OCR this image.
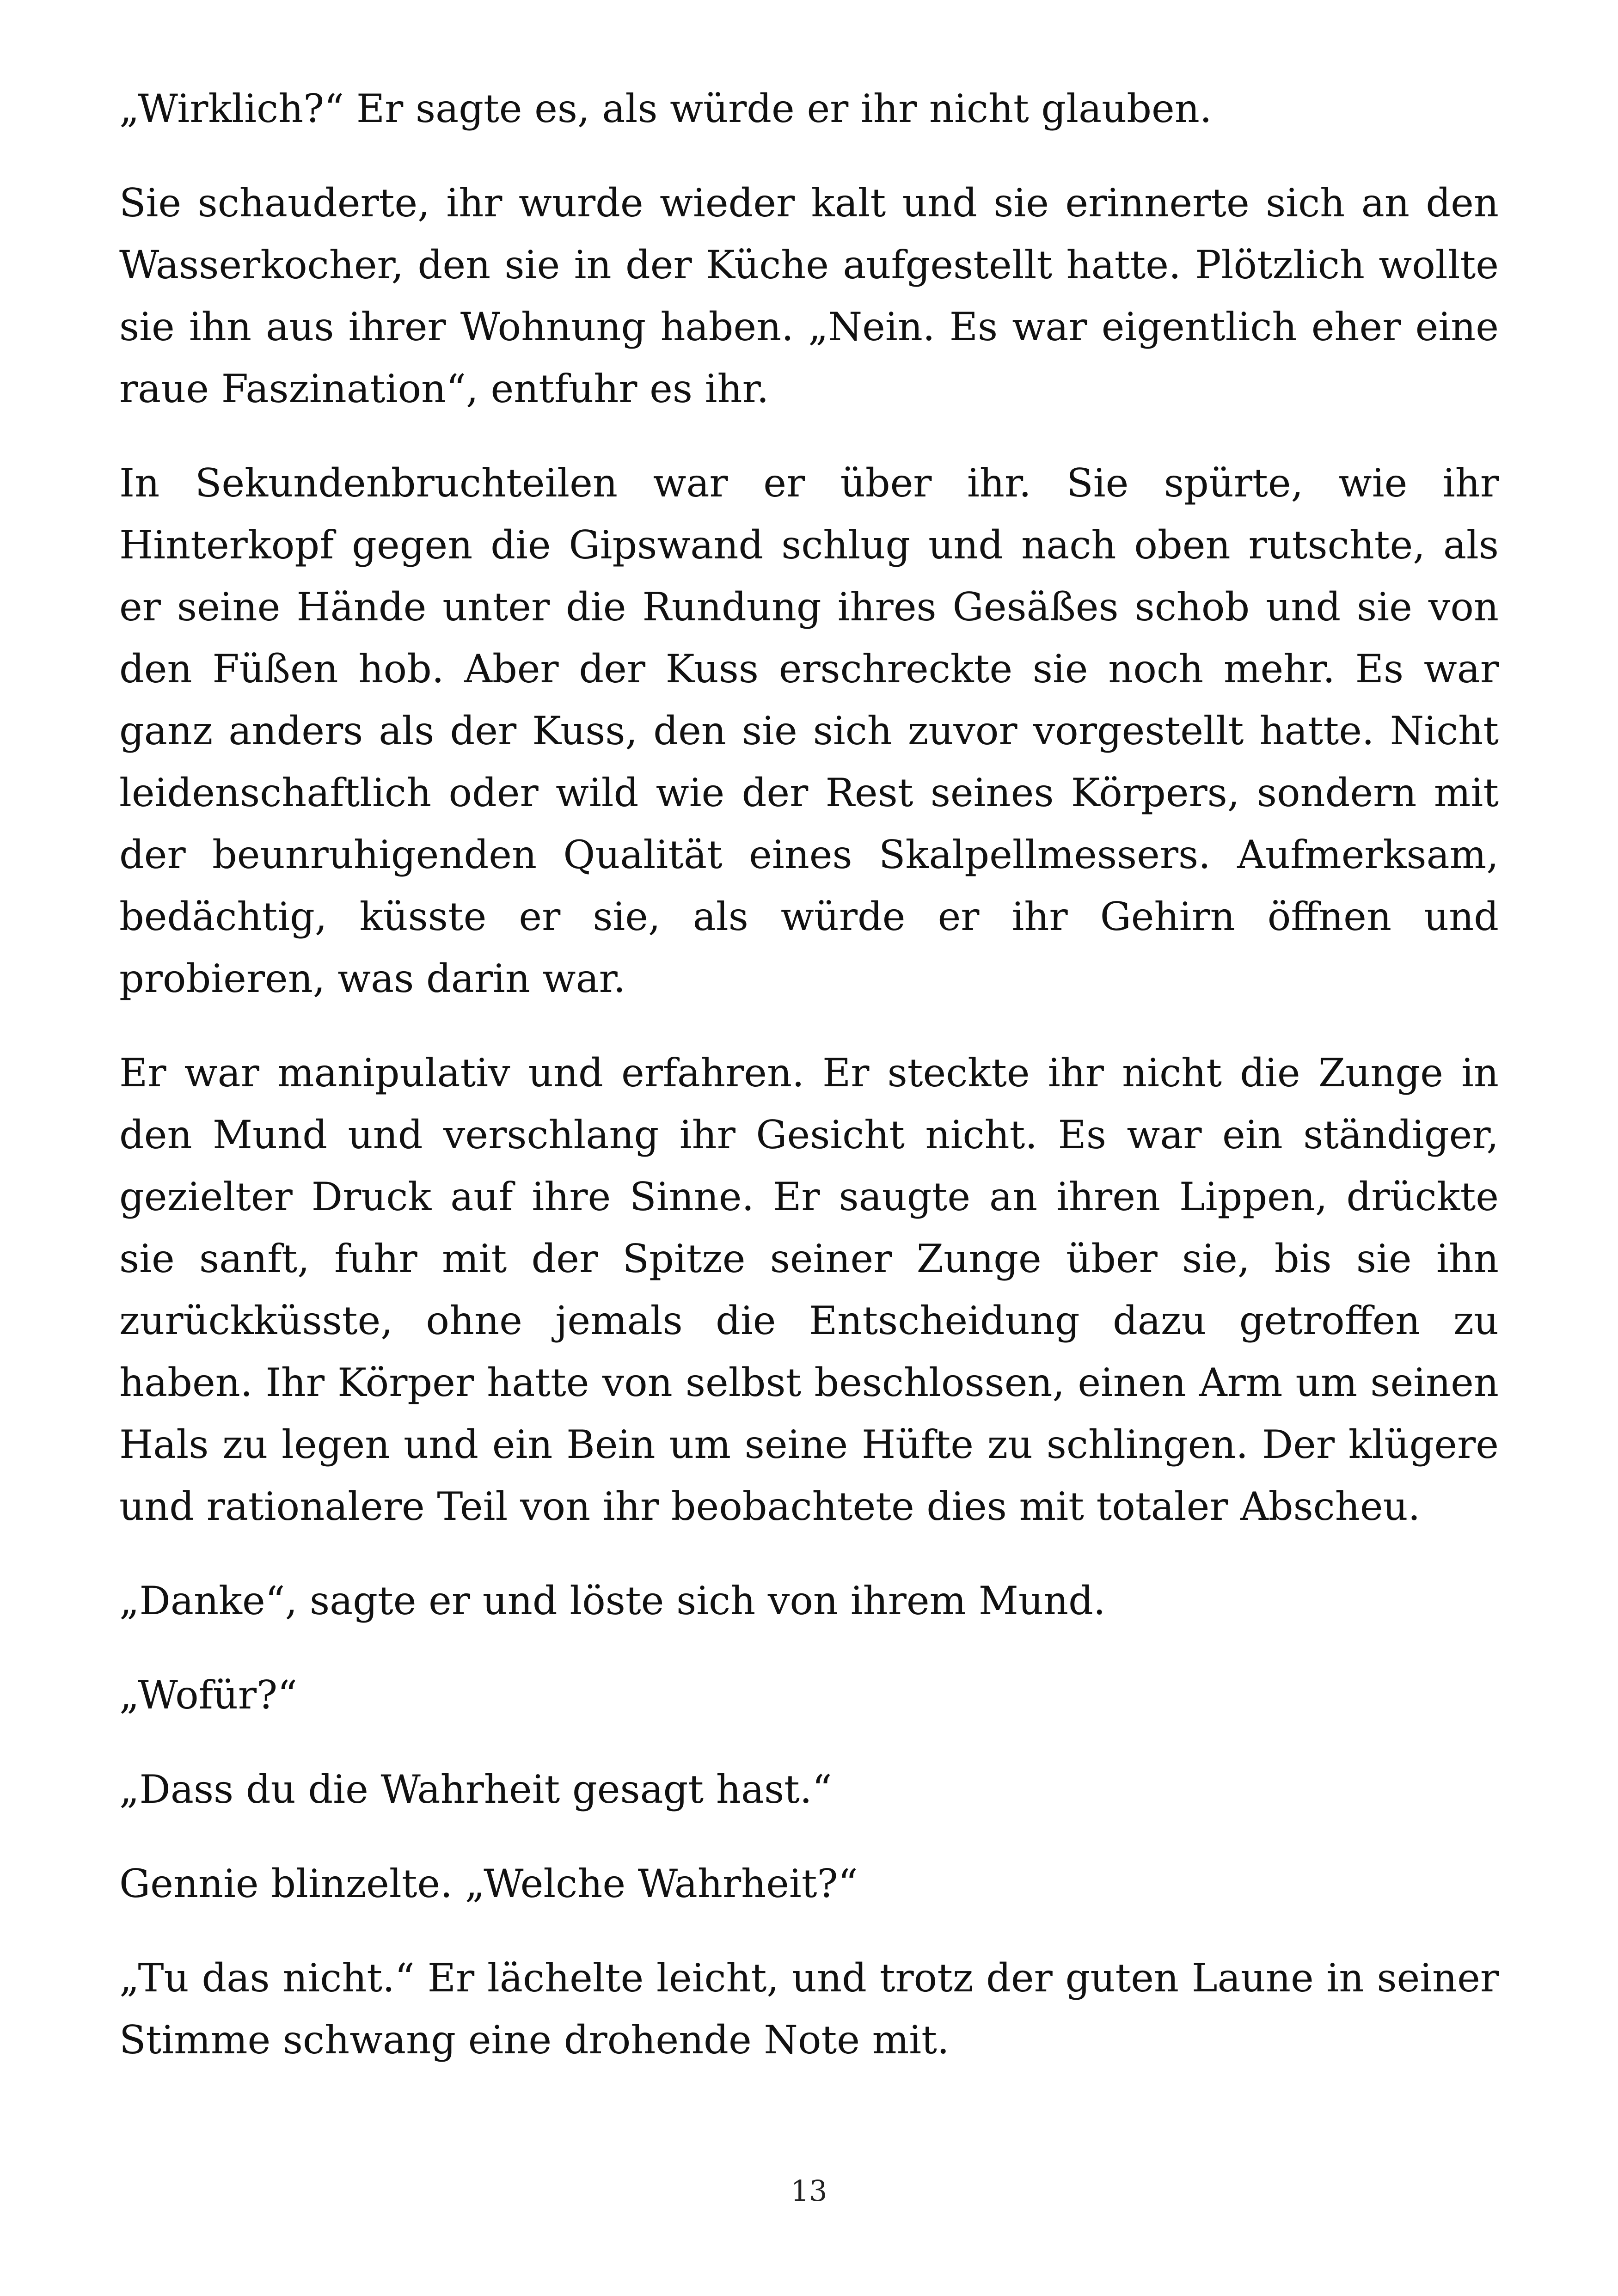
„Wirklich?“ Er sagte es, als würde er ihr nicht glauben.

Sie schauderte, ihr wurde wieder kalt und sie erinnerte sich an den Wasserkocher, den sie in der Küche aufgestellt hatte. Plötzlich wollte sie ihn aus ihrer Wohnung haben. „Nein. Es war eigentlich eher eine raue Faszination“, entfuhr es ihr.

In Sekundenbruchteilen war er über ihr. Sie spürte, wie ihr Hinterkopf gegen die Gipswand schlug und nach oben rutschte, als er seine Hände unter die Rundung ihres Gesäßes schob und sie von den Füßen hob. Aber der Kuss erschreckte sie noch mehr. Es war ganz anders als der Kuss, den sie sich zuvor vorgestellt hatte. Nicht leidenschaftlich oder wild wie der Rest seines Körpers, sondern mit der beunruhigenden Qualität eines Skalpellmessers. Aufmerksam, bedächtig, küsste er sie, als würde er ihr Gehirn öffnen und probieren, was darin war.

Er war manipulativ und erfahren. Er steckte ihr nicht die Zunge in den Mund und verschlang ihr Gesicht nicht. Es war ein ständiger, gezielter Druck auf ihre Sinne. Er saugte an ihren Lippen, drückte sie sanft, fuhr mit der Spitze seiner Zunge über sie, bis sie ihn zurückküsste, ohne jemals die Entscheidung dazu getroffen zu haben. Ihr Körper hatte von selbst beschlossen, einen Arm um seinen Hals zu legen und ein Bein um seine Hüfte zu schlingen. Der klügere und rationalere Teil von ihr beobachtete dies mit totaler Abscheu.

„Danke“, sagte er und löste sich von ihrem Mund.

„Wofür?“

„Dass du die Wahrheit gesagt hast.“

Gennie blinzelte. „Welche Wahrheit?“

„Tu das nicht.“ Er lächelte leicht, und trotz der guten Laune in seiner Stimme schwang eine drohende Note mit.

13
